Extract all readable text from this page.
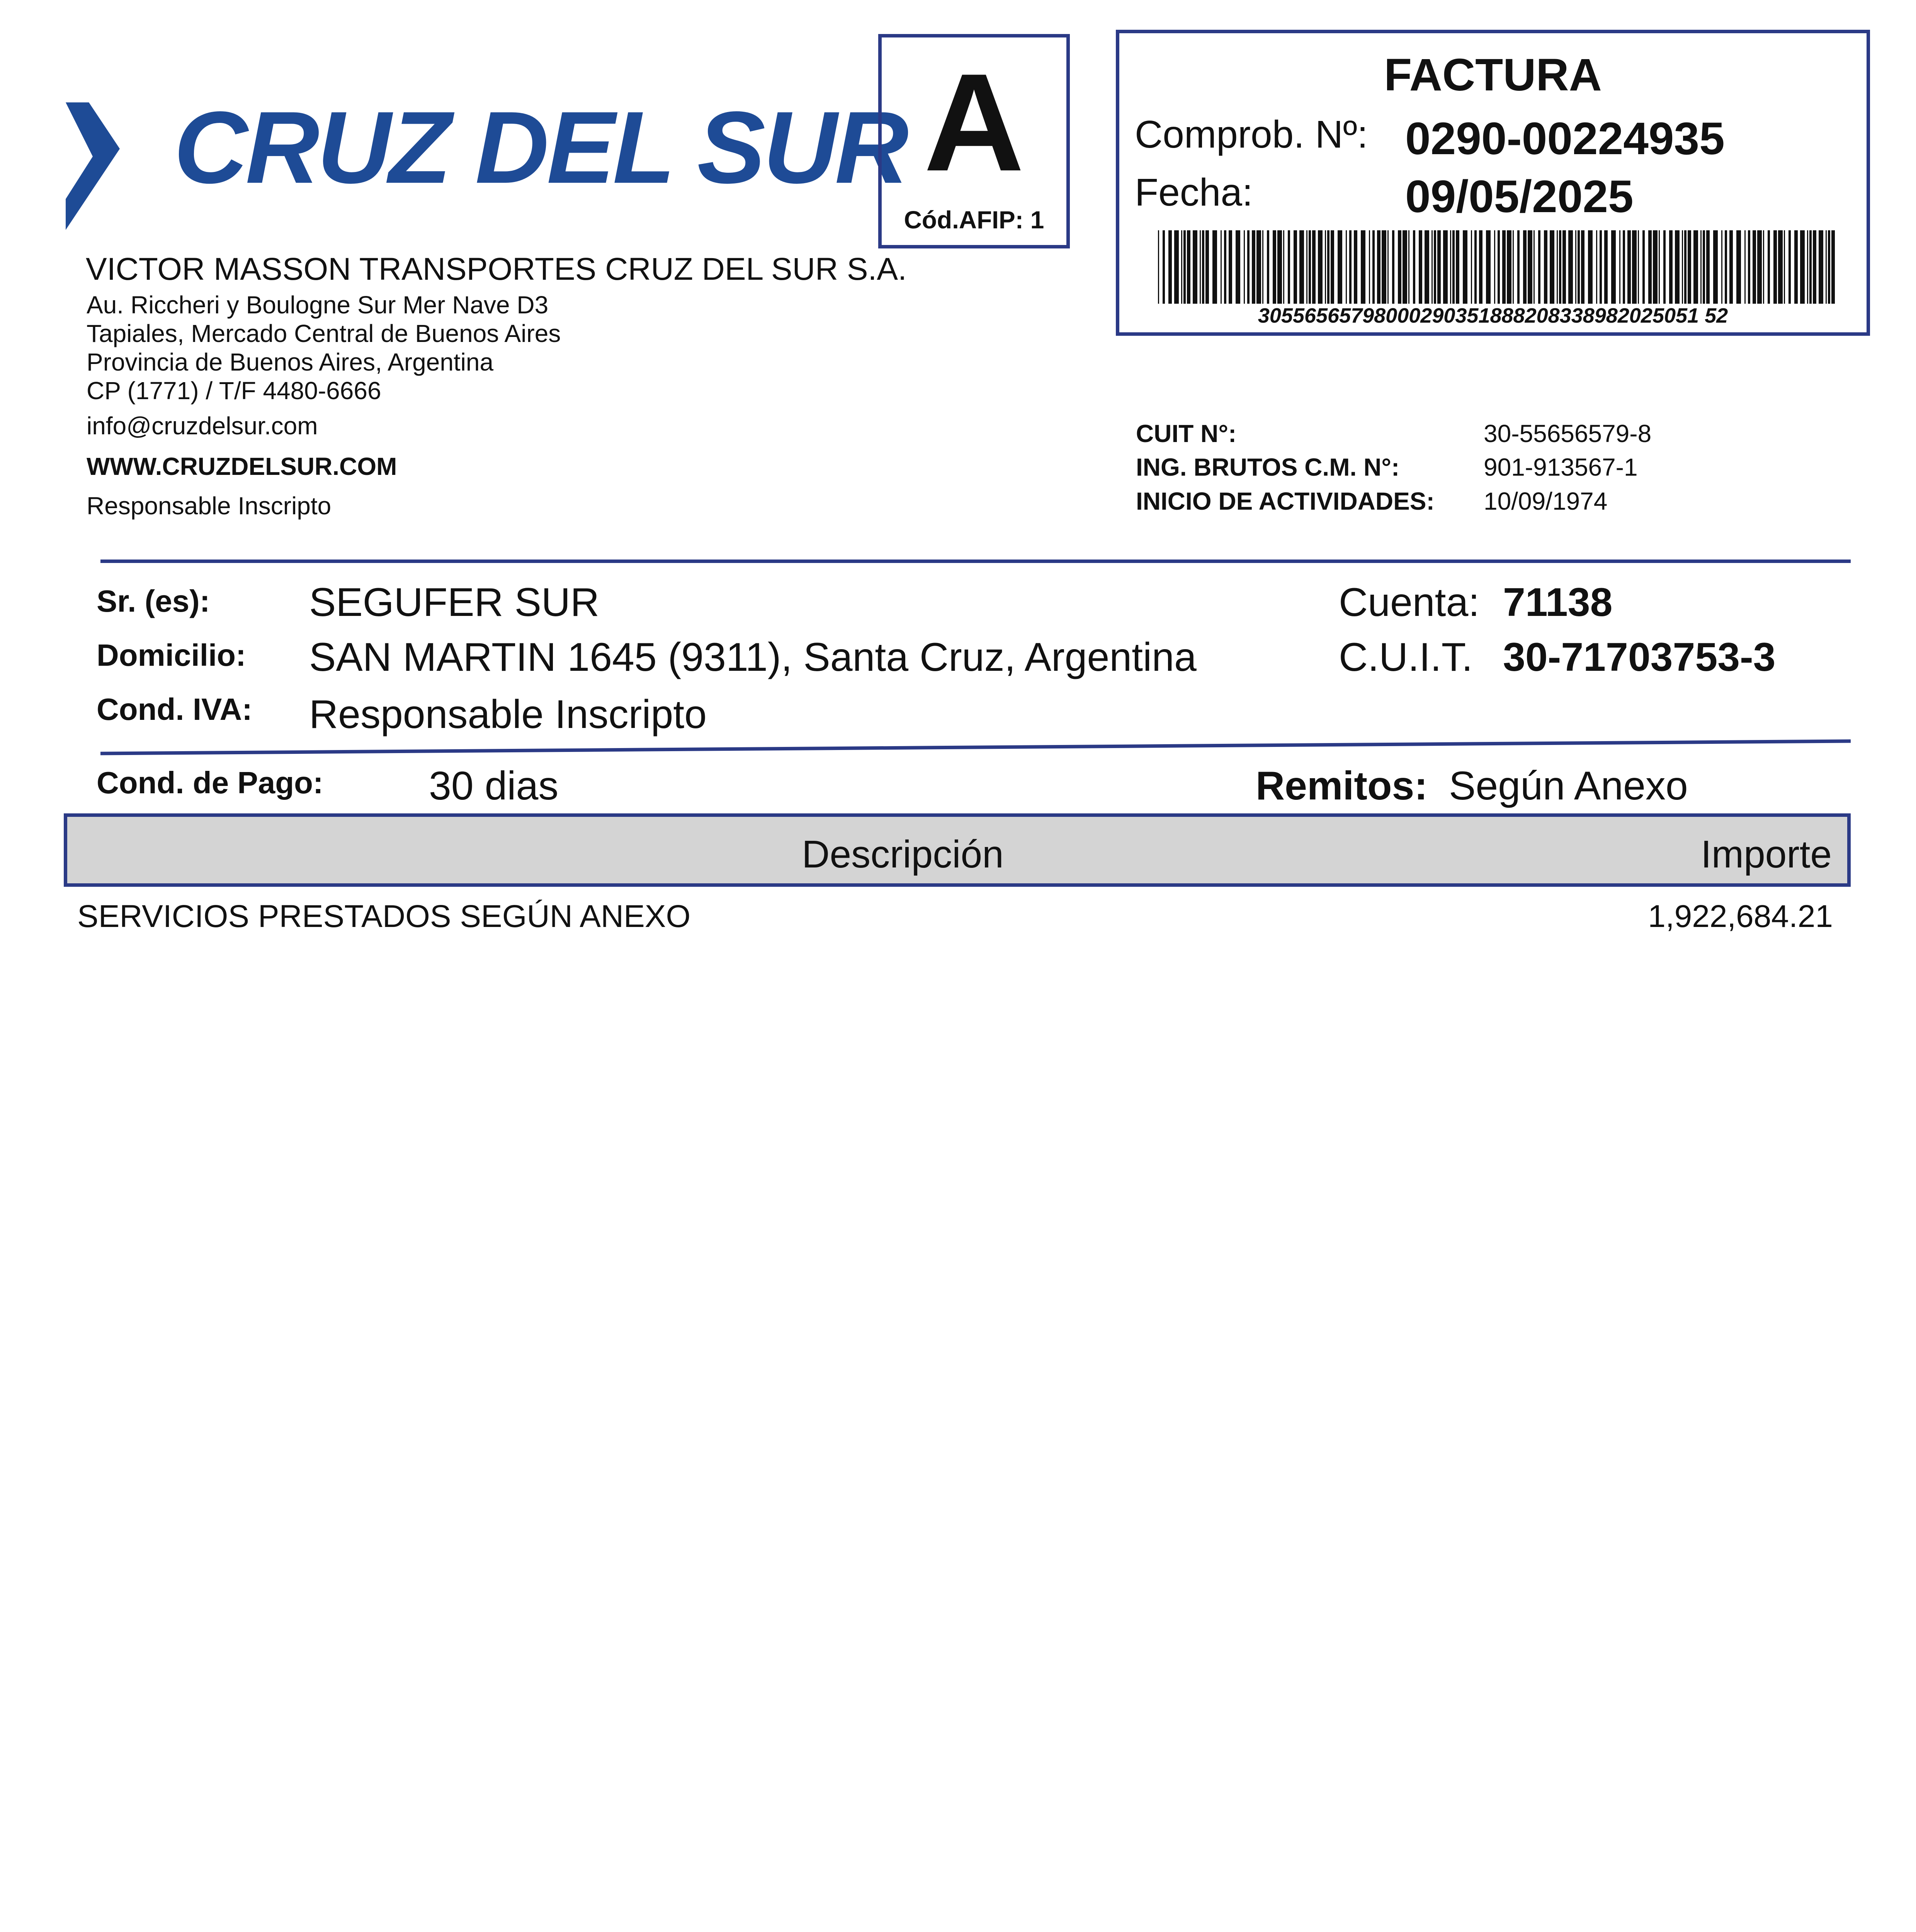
CRUZ DEL SUR
VICTOR MASSON TRANSPORTES CRUZ DEL SUR S.A.
Au. Riccheri y Boulogne Sur Mer Nave D3
Tapiales, Mercado Central de Buenos Aires
Provincia de Buenos Aires, Argentina
CP (1771) / T/F 4480-6666
info@cruzdelsur.com
WWW.CRUZDELSUR.COM
Responsable Inscripto
A
Cód.AFIP: 1
FACTURA
Comprob. Nº: 0290-00224935
Fecha:	09/05/2025
30556565798000290351888208338982025051 52
CUIT N°:	30-55656579-8
ING. BRUTOS C.M. N°:	901-913567-1
INICIO DE ACTIVIDADES: 10/09/1974
Sr. (es): SEGUFER SUR
Domicilio: SAN MARTIN 1645 (9311), Santa Cruz, Argentina
Cond. IVA: Responsable Inscripto
Cuenta: 71138
C.U.I.T. 30-71703753-3
Cond. de Pago:	30 dias	Remitos: Según Anexo
Descripción	Importe
SERVICIOS PRESTADOS SEGÚN ANEXO	1,922,684.21
